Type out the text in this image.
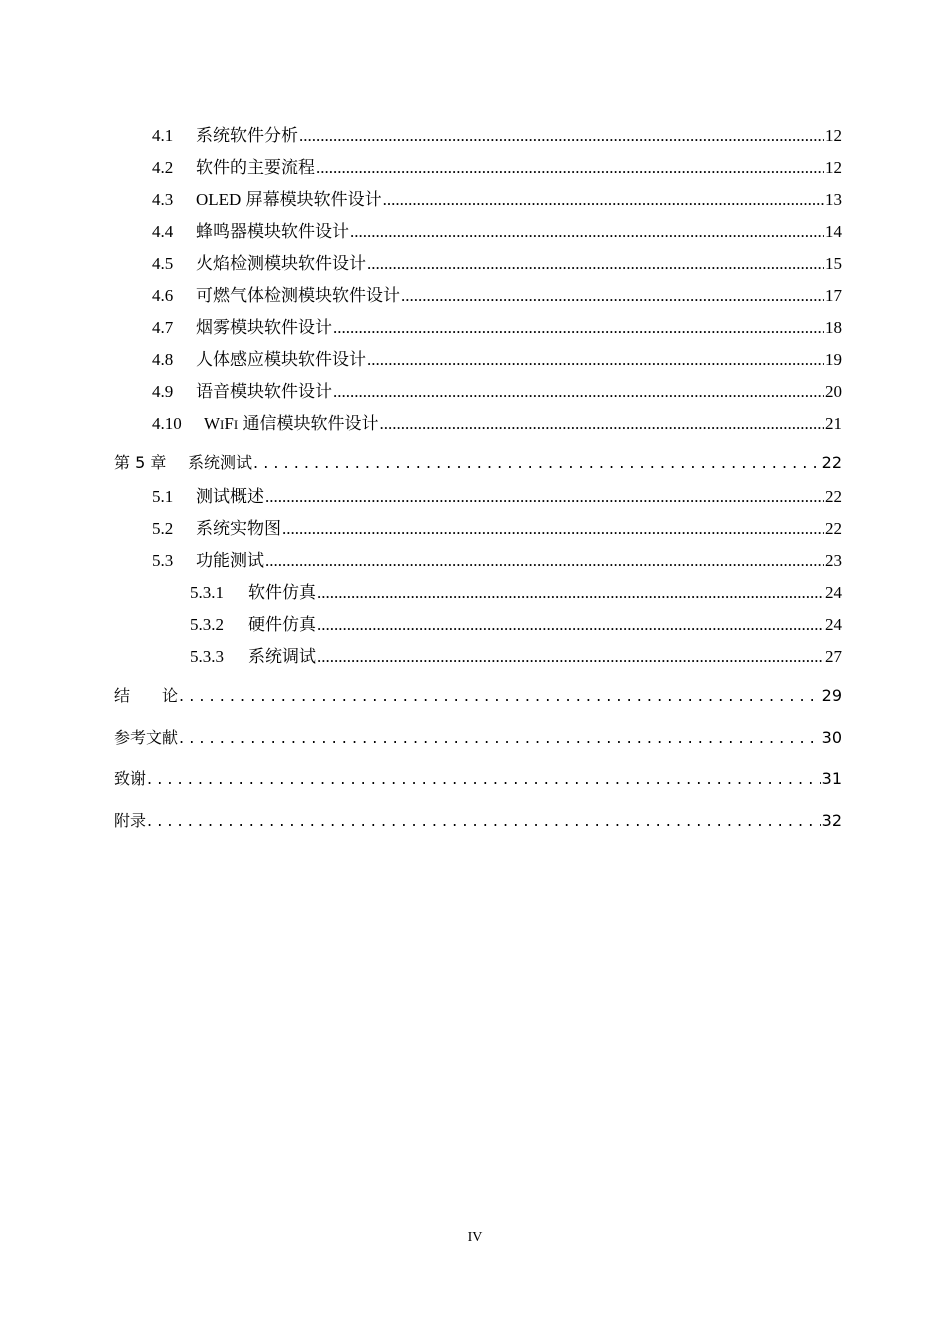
4.1	系统软件分析 .....	12
4.2	软件的主要流程 .....	12
4.3	OLED 屏幕模块软件设计 .....	13
4.4	蜂鸣器模块软件设计 .....	14
4.5	火焰检测模块软件设计 .....	15
4.6	可燃气体检测模块软件设计 .....	17
4.7	烟雾模块软件设计 .....	18
4.8	人体感应模块软件设计 .....	19
4.9	语音模块软件设计 .....	20
4.10	WIFI 通信模块软件设计 .....	21
第 5 章	系统测试 . . .	22
5.1	测试概述 .....	22
5.2	系统实物图 .....	22
5.3	功能测试 .....	23
5.3.1	软件仿真 .....	24
5.3.2	硬件仿真 .....	24
5.3.3	系统调试 .....	27
结　　论 . . .	29
参考文献 . . .	30
致谢 . . .	31
附录 . . .	32
IV
